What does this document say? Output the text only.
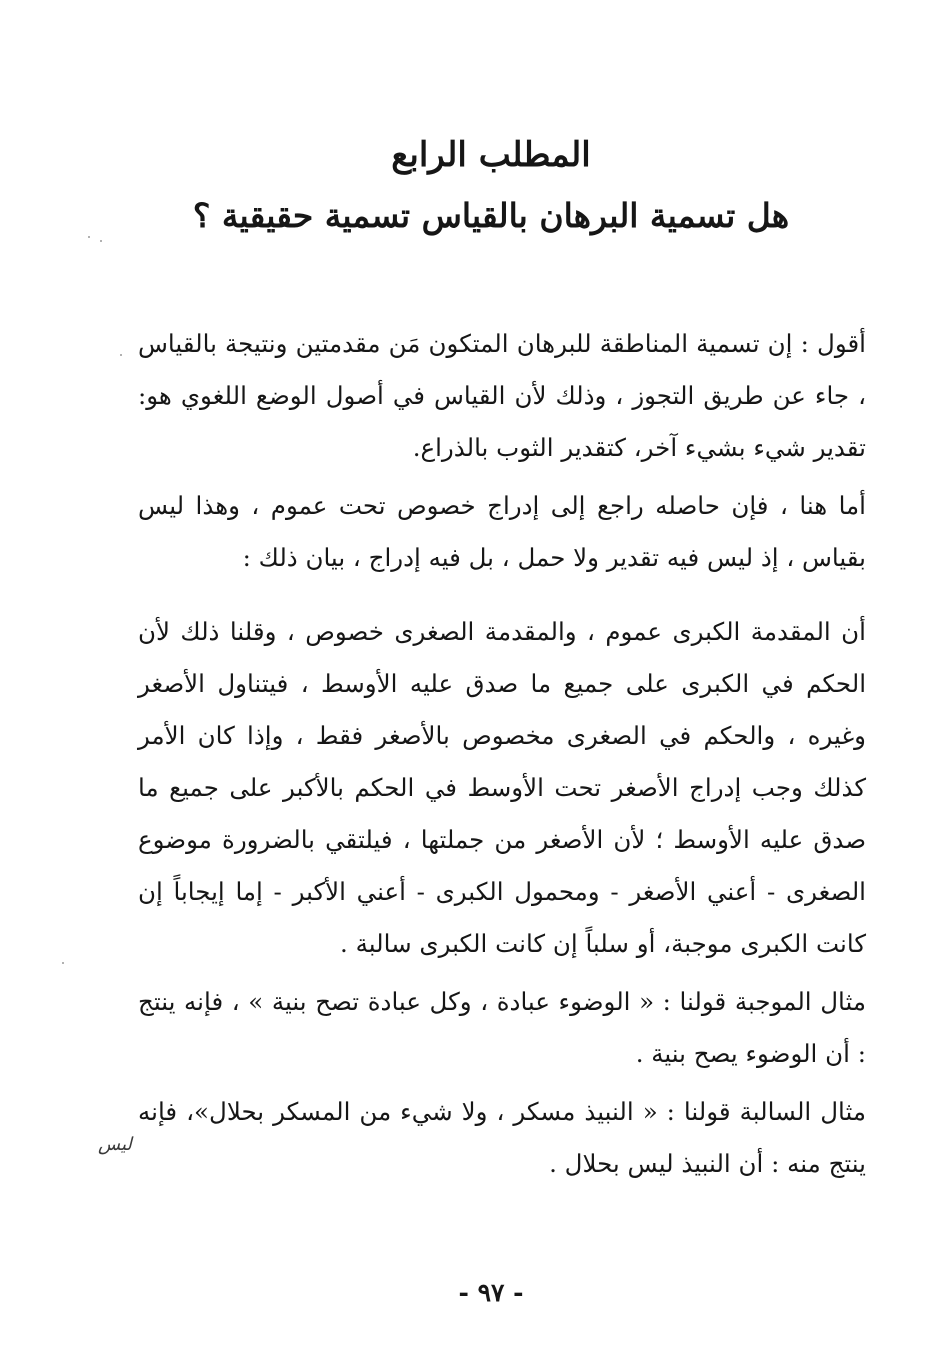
المطلب الرابع
هل تسمية البرهان بالقياس تسمية حقيقية ؟

أقول : إن تسمية المناطقة للبرهان المتكون مَن مقدمتين ونتيجة بالقياس ، جاء عن طريق التجوز ، وذلك لأن القياس في أصول الوضع اللغوي هو: تقدير شيء بشيء آخر، كتقدير الثوب بالذراع.

أما هنا ، فإن حاصله راجع إلى إدراج خصوص تحت عموم ، وهذا ليس بقياس ، إذ ليس فيه تقدير ولا حمل ، بل فيه إدراج ، بيان ذلك :

أن المقدمة الكبرى عموم ، والمقدمة الصغرى خصوص ، وقلنا ذلك لأن الحكم في الكبرى على جميع ما صدق عليه الأوسط ، فيتناول الأصغر وغيره ، والحكم في الصغرى مخصوص بالأصغر فقط ، وإذا كان الأمر كذلك وجب إدراج الأصغر تحت الأوسط في الحكم بالأكبر على جميع ما صدق عليه الأوسط ؛ لأن الأصغر من جملتها ، فيلتقي بالضرورة موضوع الصغرى - أعني الأصغر - ومحمول الكبرى - أعني الأكبر - إما إيجاباً إن كانت الكبرى موجبة، أو سلباً إن كانت الكبرى سالبة .

مثال الموجبة قولنا : « الوضوء عبادة ، وكل عبادة تصح بنية » ، فإنه ينتج : أن الوضوء يصح بنية .

مثال السالبة قولنا : « النبيذ مسكر ، ولا شيء من المسكر بحلال»، فإنه ينتج منه : أن النبيذ ليس بحلال .

ليس
- ٩٧ -
